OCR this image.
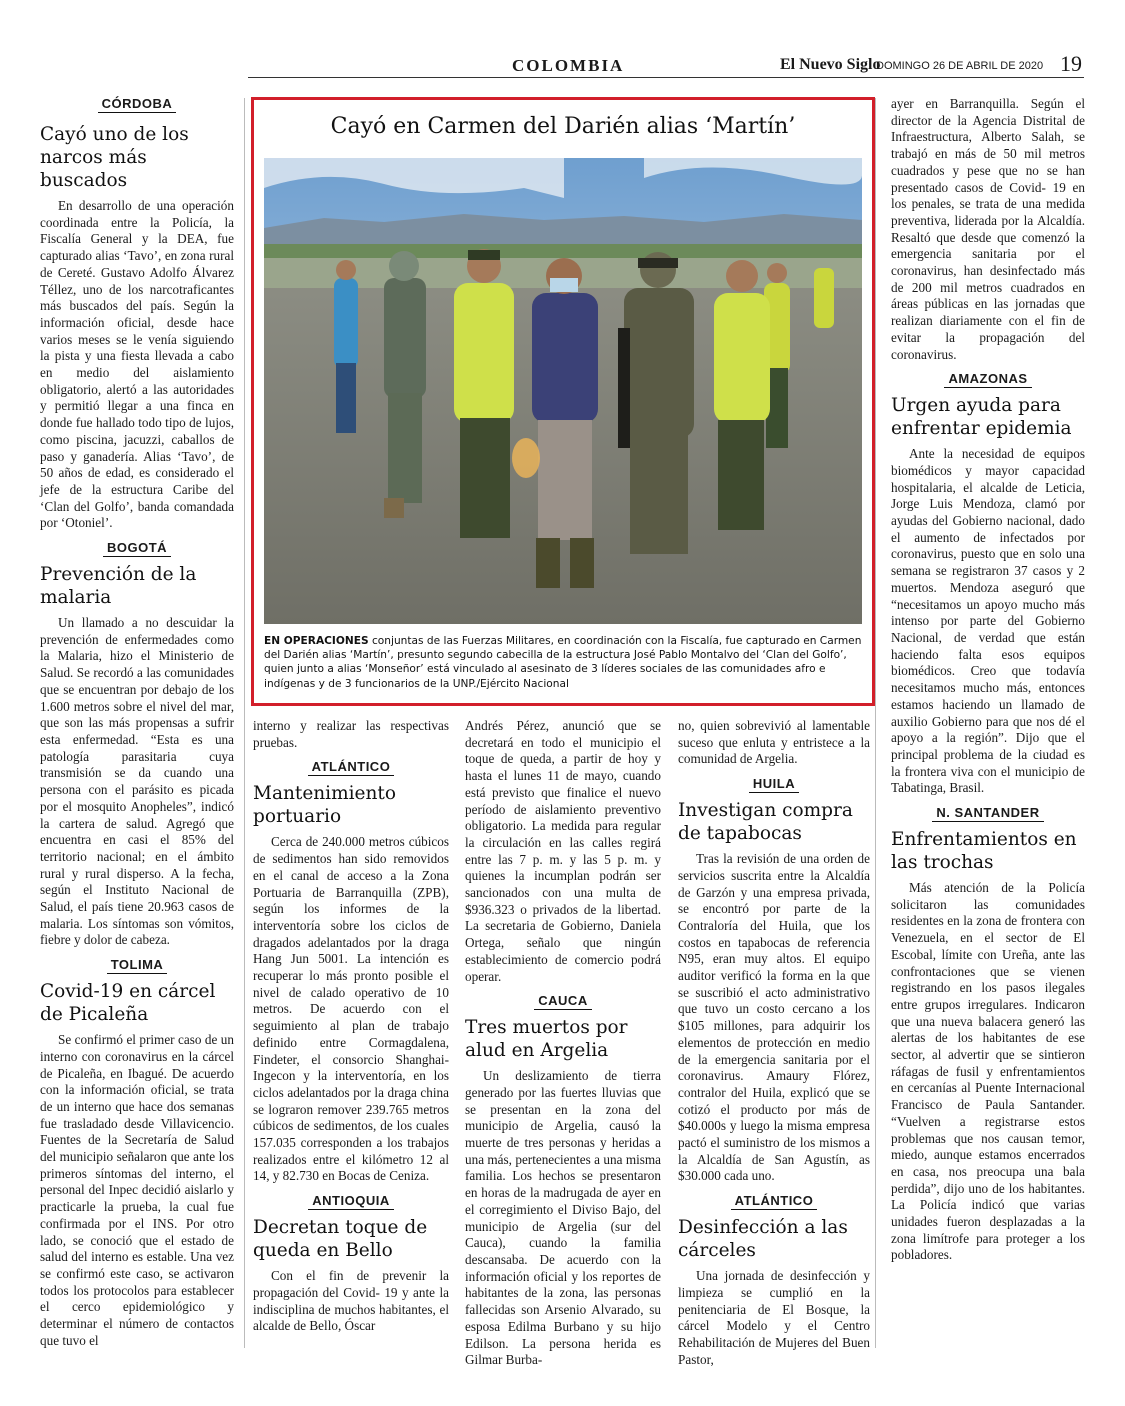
COLOMBIA	El Nuevo Siglo
DOMINGO 26 DE ABRIL DE 2020 19
CÓRDOBA
Cayó uno de los narcos más buscados

En desarrollo de una operación coordinada entre la Policía, la Fiscalía General y la DEA, fue capturado alias ‘Tavo’, en zona rural de Cereté. Gustavo Adolfo Álvarez Téllez, uno de los narcotraficantes más buscados del país. Según la información oficial, desde hace varios meses se le venía siguiendo la pista y una fiesta llevada a cabo en medio del aislamiento obligatorio, alertó a las autoridades y permitió llegar a una finca en donde fue hallado todo tipo de lujos, como piscina, jacuzzi, caballos de paso y ganadería. Alias ‘Tavo’, de 50 años de edad, es considerado el jefe de la estructura Caribe del ‘Clan del Golfo’, banda comandada por ‘Otoniel’.

BOGOTÁ
Prevención de la malaria

Un llamado a no descuidar la prevención de enfermedades como la Malaria, hizo el Ministerio de Salud. Se recordó a las comunidades que se encuentran por debajo de los 1.600 metros sobre el nivel del mar, que son las más propensas a sufrir esta enfermedad. “Esta es una patología parasitaria cuya transmisión se da cuando una persona con el parásito es picada por el mosquito Anopheles”, indicó la cartera de salud. Agregó que encuentra en casi el 85% del territorio nacional; en el ámbito rural y rural disperso. A la fecha, según el Instituto Nacional de Salud, el país tiene 20.963 casos de malaria. Los síntomas son vómitos, fiebre y dolor de cabeza.

TOLIMA
Covid-19 en cárcel de Picaleña

Se confirmó el primer caso de un interno con coronavirus en la cárcel de Picaleña, en Ibagué. De acuerdo con la información oficial, se trata de un interno que hace dos semanas fue trasladado desde Villavicencio. Fuentes de la Secretaría de Salud del municipio señalaron que ante los primeros síntomas del interno, el personal del Inpec decidió aislarlo y practicarle la prueba, la cual fue confirmada por el INS. Por otro lado, se conoció que el estado de salud del interno es estable. Una vez se confirmó este caso, se activaron todos los protocolos para establecer el cerco epidemiológico y determinar el número de contactos que tuvo el

Cayó en Carmen del Darién alias ‘Martín’
EN OPERACIONES conjuntas de las Fuerzas Militares, en coordinación con la Fiscalía, fue capturado en Carmen del Darién alias ‘Martín’, presunto segundo cabecilla de la estructura José Pablo Montalvo del ‘Clan del Golfo’, quien junto a alias ‘Monseñor’ está vinculado al asesinato de 3 líderes sociales de las comunidades afro e indígenas y de 3 funcionarios de la UNP./Ejército Nacional

interno y realizar las respectivas pruebas.

ATLÁNTICO
Mantenimiento portuario

Cerca de 240.000 metros cúbicos de sedimentos han sido removidos en el canal de acceso a la Zona Portuaria de Barranquilla (ZPB), según los informes de la interventoría sobre los ciclos de dragados adelantados por la draga Hang Jun 5001. La intención es recuperar lo más pronto posible el nivel de calado operativo de 10 metros. De acuerdo con el seguimiento al plan de trabajo definido entre Cormagdalena, Findeter, el consorcio Shanghai-Ingecon y la interventoría, en los ciclos adelantados por la draga china se lograron remover 239.765 metros cúbicos de sedimentos, de los cuales 157.035 corresponden a los trabajos realizados entre el kilómetro 12 al 14, y 82.730 en Bocas de Ceniza.

ANTIOQUIA
Decretan toque de queda en Bello

Con el fin de prevenir la propagación del Covid- 19 y ante la indisciplina de muchos habitantes, el alcalde de Bello, Óscar

Andrés Pérez, anunció que se decretará en todo el municipio el toque de queda, a partir de hoy y hasta el lunes 11 de mayo, cuando está previsto que finalice el nuevo período de aislamiento preventivo obligatorio. La medida para regular la circulación en las calles regirá entre las 7 p. m. y las 5 p. m. y quienes la incumplan podrán ser sancionados con una multa de $936.323 o privados de la libertad. La secretaria de Gobierno, Daniela Ortega, señalo que ningún establecimiento de comercio podrá operar.

CAUCA
Tres muertos por alud en Argelia

Un deslizamiento de tierra generado por las fuertes lluvias que se presentan en la zona del municipio de Argelia, causó la muerte de tres personas y heridas a una más, pertenecientes a una misma familia. Los hechos se presentaron en horas de la madrugada de ayer en el corregimiento el Diviso Bajo, del municipio de Argelia (sur del Cauca), cuando la familia descansaba. De acuerdo con la información oficial y los reportes de habitantes de la zona, las personas fallecidas son Arsenio Alvarado, su esposa Edilma Burbano y su hijo Edilson. La persona herida es Gilmar Burba-

no, quien sobrevivió al lamentable suceso que enluta y entristece a la comunidad de Argelia.

HUILA
Investigan compra de tapabocas

Tras la revisión de una orden de servicios suscrita entre la Alcaldía de Garzón y una empresa privada, se encontró por parte de la Contraloría del Huila, que los costos en tapabocas de referencia N95, eran muy altos. El equipo auditor verificó la forma en la que se suscribió el acto administrativo que tuvo un costo cercano a los $105 millones, para adquirir los elementos de protección en medio de la emergencia sanitaria por el coronavirus. Amaury Flórez, contralor del Huila, explicó que se cotizó el producto por más de $40.000s y luego la misma empresa pactó el suministro de los mismos a la Alcaldía de San Agustín, as $30.000 cada uno.

ATLÁNTICO
Desinfección a las cárceles

Una jornada de desinfección y limpieza se cumplió en la penitenciaria de El Bosque, la cárcel Modelo y el Centro Rehabilitación de Mujeres del Buen Pastor,

ayer en Barranquilla. Según el director de la Agencia Distrital de Infraestructura, Alberto Salah, se trabajó en más de 50 mil metros cuadrados y pese que no se han presentado casos de Covid- 19 en los penales, se trata de una medida preventiva, liderada por la Alcaldía. Resaltó que desde que comenzó la emergencia sanitaria por el coronavirus, han desinfectado más de 200 mil metros cuadrados en áreas públicas en las jornadas que realizan diariamente con el fin de evitar la propagación del coronavirus.

AMAZONAS
Urgen ayuda para enfrentar epidemia

Ante la necesidad de equipos biomédicos y mayor capacidad hospitalaria, el alcalde de Leticia, Jorge Luis Mendoza, clamó por ayudas del Gobierno nacional, dado el aumento de infectados por coronavirus, puesto que en solo una semana se registraron 37 casos y 2 muertos. Mendoza aseguró que “necesitamos un apoyo mucho más intenso por parte del Gobierno Nacional, de verdad que están haciendo falta esos equipos biomédicos. Creo que todavía necesitamos mucho más, entonces estamos haciendo un llamado de auxilio Gobierno para que nos dé el apoyo a la región”. Dijo que el principal problema de la ciudad es la frontera viva con el municipio de Tabatinga, Brasil.

N. SANTANDER
Enfrentamientos en las trochas

Más atención de la Policía solicitaron las comunidades residentes en la zona de frontera con Venezuela, en el sector de El Escobal, límite con Ureña, ante las confrontaciones que se vienen registrando en los pasos ilegales entre grupos irregulares. Indicaron que una nueva balacera generó las alertas de los habitantes de ese sector, al advertir que se sintieron ráfagas de fusil y enfrentamientos en cercanías al Puente Internacional Francisco de Paula Santander. “Vuelven a registrarse estos problemas que nos causan temor, miedo, aunque estamos encerrados en casa, nos preocupa una bala perdida”, dijo uno de los habitantes. La Policía indicó que varias unidades fueron desplazadas a la zona limítrofe para proteger a los pobladores.
